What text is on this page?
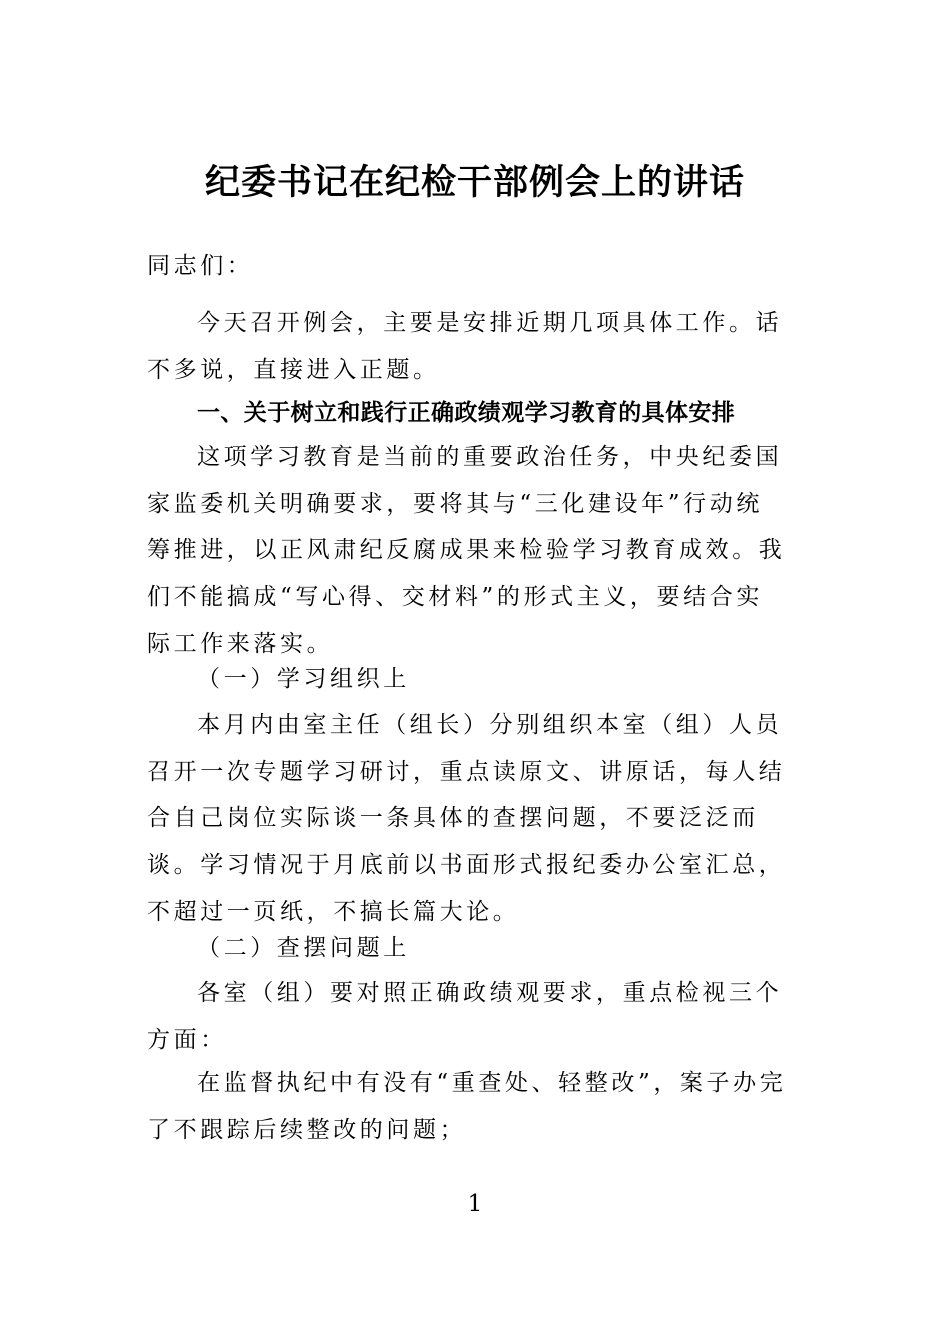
纪委书记在纪检干部例会上的讲话
同志们：
今天召开例会，主要是安排近期几项具体工作。话不多说，直接进入正题。
一、关于树立和践行正确政绩观学习教育的具体安排
这项学习教育是当前的重要政治任务，中央纪委国家监委机关明确要求，要将其与“三化建设年”行动统筹推进，以正风肃纪反腐成果来检验学习教育成效。我们不能搞成“写心得、交材料”的形式主义，要结合实际工作来落实。
（一）学习组织上
本月内由室主任（组长）分别组织本室（组）人员召开一次专题学习研讨，重点读原文、讲原话，每人结合自己岗位实际谈一条具体的查摆问题，不要泛泛而谈。学习情况于月底前以书面形式报纪委办公室汇总，不超过一页纸，不搞长篇大论。
（二）查摆问题上
各室（组）要对照正确政绩观要求，重点检视三个方面：
在监督执纪中有没有“重查处、轻整改”，案子办完了不跟踪后续整改的问题；
1
